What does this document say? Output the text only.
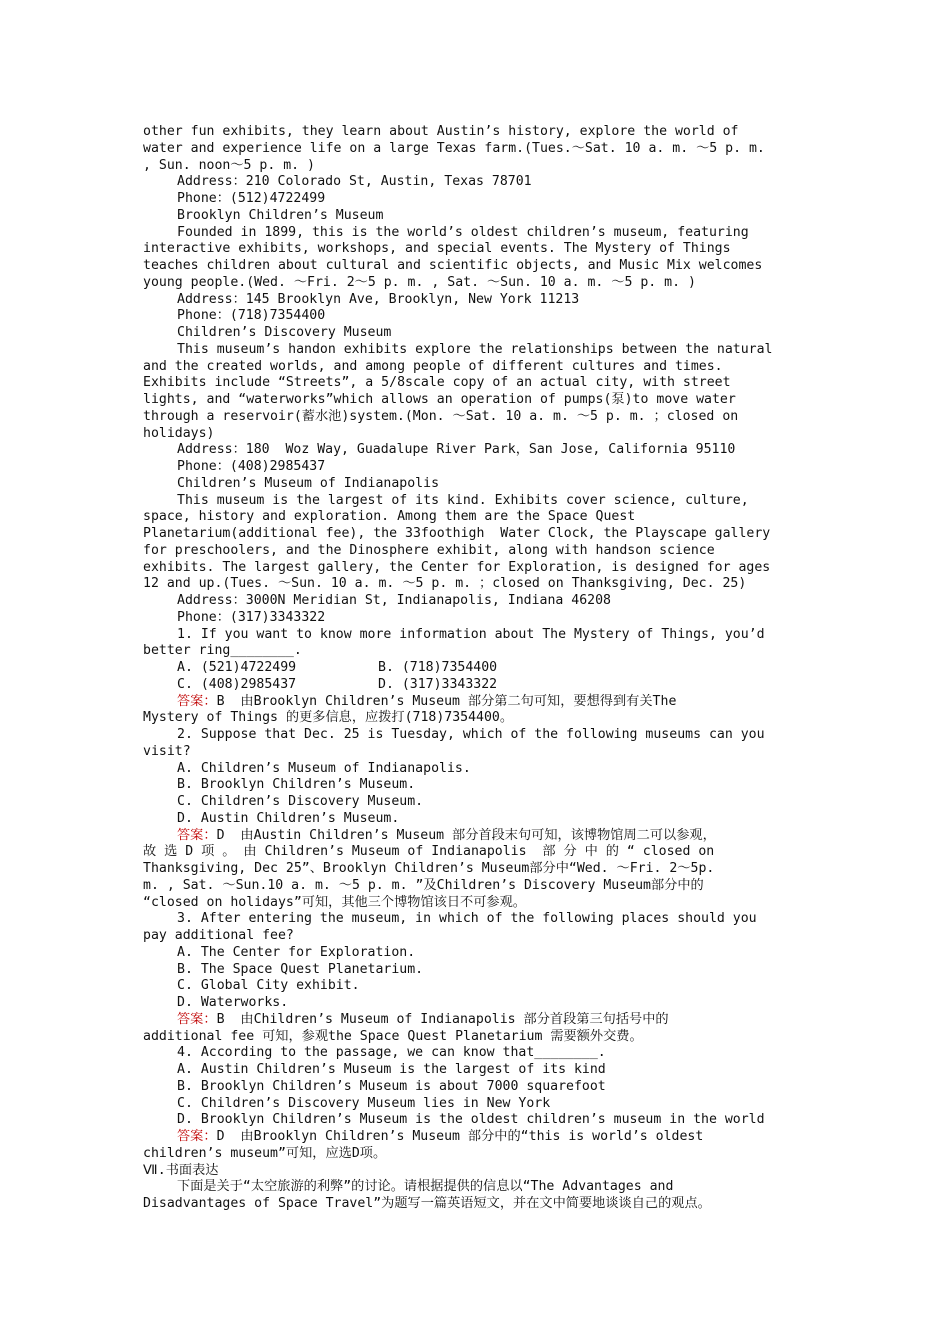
other fun exhibits, they learn about Austin’s history, explore the world of
water and experience life on a large Texas farm.(Tues.～Sat. 10 a. m. ～5 p. m.
, Sun. noon～5 p. m. )
Address：210 Colorado St, Austin, Texas 78701
Phone：(512)4722499
Brooklyn Children’s Museum
Founded in 1899, this is the world’s oldest children’s museum, featuring
interactive exhibits, workshops, and special events. The Mystery of Things
teaches children about cultural and scientific objects, and Music Mix welcomes
young people.(Wed. ～Fri. 2～5 p. m. , Sat. ～Sun. 10 a. m. ～5 p. m. )
Address：145 Brooklyn Ave, Brooklyn, New York 11213
Phone：(718)7354400
Children’s Discovery Museum
This museum’s handon exhibits explore the relationships between the natural
and the created worlds, and among people of different cultures and times.
Exhibits include “Streets”, a 5/8scale copy of an actual city, with street
lights, and “waterworks”which allows an operation of pumps(泵)to move water
through a reservoir(蓄水池)system.(Mon. ～Sat. 10 a. m. ～5 p. m. ；closed on
holidays)
Address：180  Woz Way, Guadalupe River Park，San Jose, California 95110
Phone：(408)2985437
Children’s Museum of Indianapolis
This museum is the largest of its kind. Exhibits cover science, culture,
space, history and exploration. Among them are the Space Quest
Planetarium(additional fee), the 33foothigh  Water Clock, the Playscape gallery
for preschoolers, and the Dinosphere exhibit, along with handson science
exhibits. The largest gallery, the Center for Exploration, is designed for ages
12 and up.(Tues. ～Sun. 10 a. m. ～5 p. m. ；closed on Thanksgiving, Dec. 25)
Address：3000N Meridian St, Indianapolis, Indiana 46208
Phone：(317)3343322
1. If you want to know more information about The Mystery of Things, you’d
better ring________.
A. (521)4722499	B. (718)7354400
C. (408)2985437	D. (317)3343322
答案：B  由Brooklyn Children’s Museum 部分第二句可知，要想得到有关The
Mystery of Things 的更多信息，应拨打(718)7354400。
2. Suppose that Dec. 25 is Tuesday, which of the following museums can you
visit?
A. Children’s Museum of Indianapolis.
B. Brooklyn Children’s Museum.
C. Children’s Discovery Museum.
D. Austin Children’s Museum.
答案：D  由Austin Children’s Museum 部分首段末句可知，该博物馆周二可以参观，
故 选 D 项 。 由 Children’s Museum of Indianapolis  部 分 中 的 “ closed on
Thanksgiving, Dec 25”、Brooklyn Children’s Museum部分中“Wed. ～Fri. 2～5p.
m. , Sat. ～Sun.10 a. m. ～5 p. m. ”及Children’s Discovery Museum部分中的
“closed on holidays”可知，其他三个博物馆该日不可参观。
3. After entering the museum, in which of the following places should you
pay additional fee?
A. The Center for Exploration.
B. The Space Quest Planetarium.
C. Global City exhibit.
D. Waterworks.
答案：B  由Children’s Museum of Indianapolis 部分首段第三句括号中的
additional fee 可知，参观the Space Quest Planetarium 需要额外交费。
4. According to the passage, we can know that________.
A. Austin Children’s Museum is the largest of its kind
B. Brooklyn Children’s Museum is about 7000 squarefoot
C. Children’s Discovery Museum lies in New York
D. Brooklyn Children’s Museum is the oldest children’s museum in the world
答案：D  由Brooklyn Children’s Museum 部分中的“this is world’s oldest
children’s museum”可知，应选D项。
Ⅶ.书面表达
下面是关于“太空旅游的利弊”的讨论。请根据提供的信息以“The Advantages and
Disadvantages of Space Travel”为题写一篇英语短文，并在文中简要地谈谈自己的观点。
